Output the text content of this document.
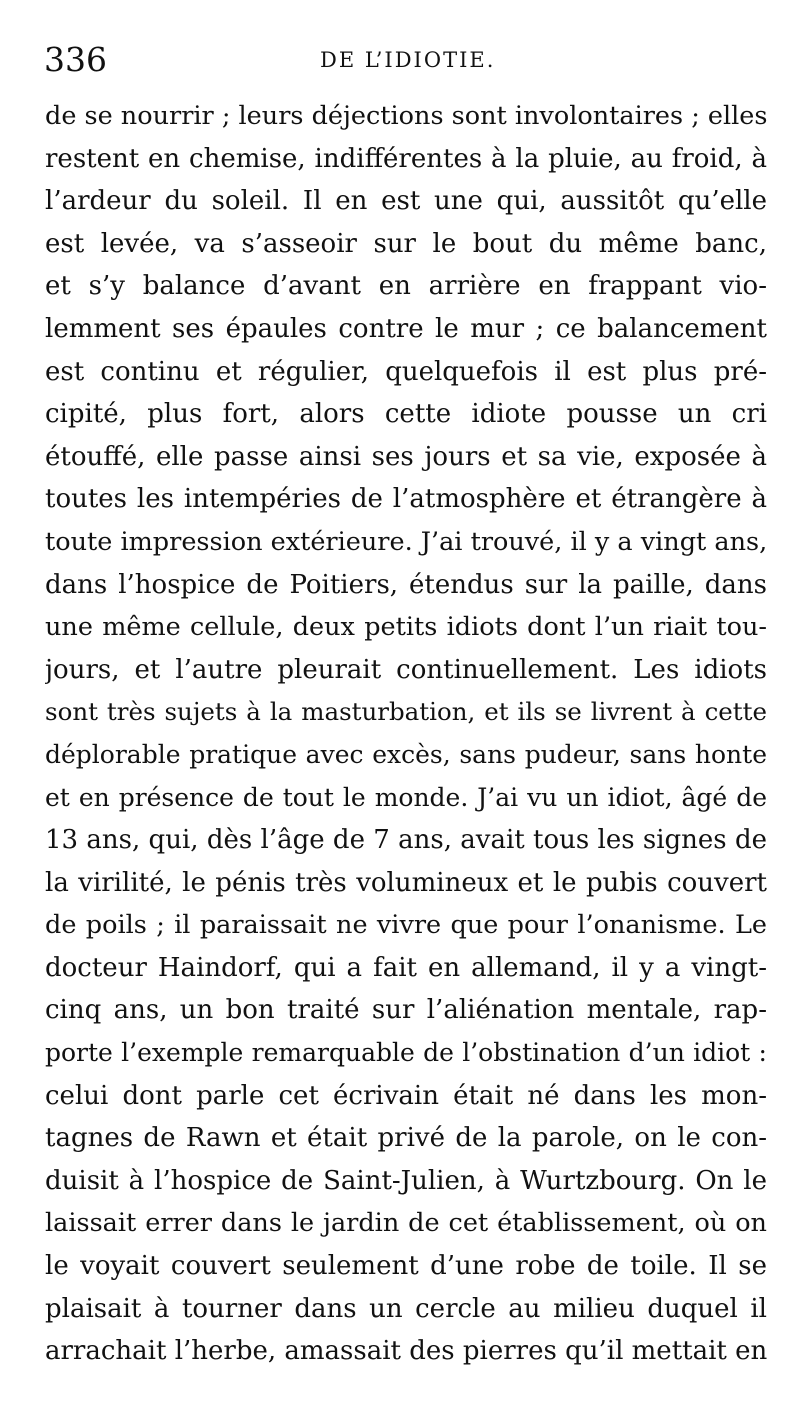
336	DE L’IDIOTIE.
de se nourrir ; leurs déjections sont involontaires ; elles
restent en chemise, indifférentes à la pluie, au froid, à
l’ardeur du soleil. Il en est une qui, aussitôt qu’elle
est levée, va s’asseoir sur le bout du même banc,
et s’y balance d’avant en arrière en frappant vio-
lemment ses épaules contre le mur ; ce balancement
est continu et régulier, quelquefois il est plus pré-
cipité, plus fort, alors cette idiote pousse un cri
étouffé, elle passe ainsi ses jours et sa vie, exposée à
toutes les intempéries de l’atmosphère et étrangère à
toute impression extérieure. J’ai trouvé, il y a vingt ans,
dans l’hospice de Poitiers, étendus sur la paille, dans
une même cellule, deux petits idiots dont l’un riait tou-
jours, et l’autre pleurait continuellement. Les idiots
sont très sujets à la masturbation, et ils se livrent à cette
déplorable pratique avec excès, sans pudeur, sans honte
et en présence de tout le monde. J’ai vu un idiot, âgé de
13 ans, qui, dès l’âge de 7 ans, avait tous les signes de
la virilité, le pénis très volumineux et le pubis couvert
de poils ; il paraissait ne vivre que pour l’onanisme. Le
docteur Haindorf, qui a fait en allemand, il y a vingt-
cinq ans, un bon traité sur l’aliénation mentale, rap-
porte l’exemple remarquable de l’obstination d’un idiot :
celui dont parle cet écrivain était né dans les mon-
tagnes de Rawn et était privé de la parole, on le con-
duisit à l’hospice de Saint-Julien, à Wurtzbourg. On le
laissait errer dans le jardin de cet établissement, où on
le voyait couvert seulement d’une robe de toile. Il se
plaisait à tourner dans un cercle au milieu duquel il
arrachait l’herbe, amassait des pierres qu’il mettait en
